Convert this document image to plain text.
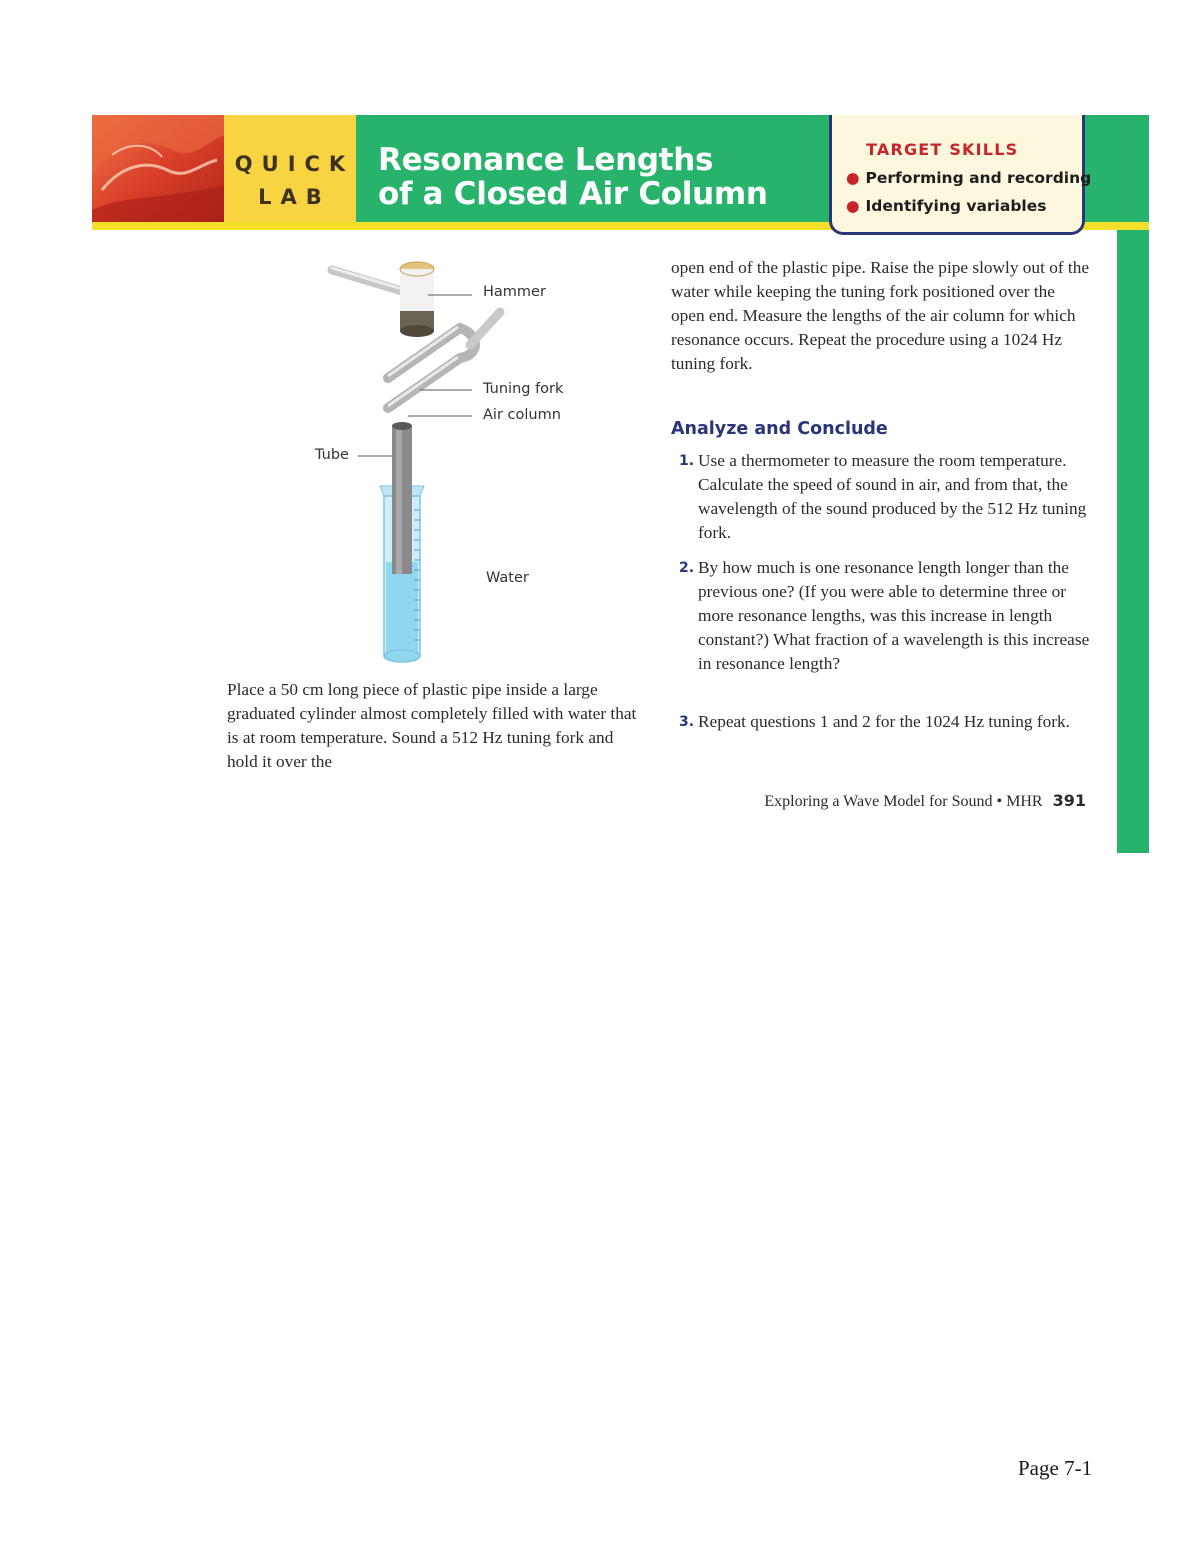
QUICK
LAB
Resonance Lengths
of a Closed Air Column
TARGET SKILLS
● Performing and recording
● Identifying variables
Hammer
Tuning fork
Air column
Tube
Water

Place a 50 cm long piece of plastic pipe inside a large graduated cylinder almost completely filled with water that is at room temperature. Sound a 512 Hz tuning fork and hold it over the

open end of the plastic pipe. Raise the pipe slowly out of the water while keeping the tuning fork positioned over the open end. Measure the lengths of the air column for which resonance occurs. Repeat the procedure using a 1024 Hz tuning fork.

Analyze and Conclude
1. Use a thermometer to measure the room temperature. Calculate the speed of sound in air, and from that, the wavelength of the sound produced by the 512 Hz tuning fork.

2. By how much is one resonance length longer than the previous one? (If you were able to determine three or more resonance lengths, was this increase in length constant?) What fraction of a wavelength is this increase in resonance length?

3. Repeat questions 1 and 2 for the 1024 Hz tuning fork.

Exploring a Wave Model for Sound • MHR 391
Page 7-1
